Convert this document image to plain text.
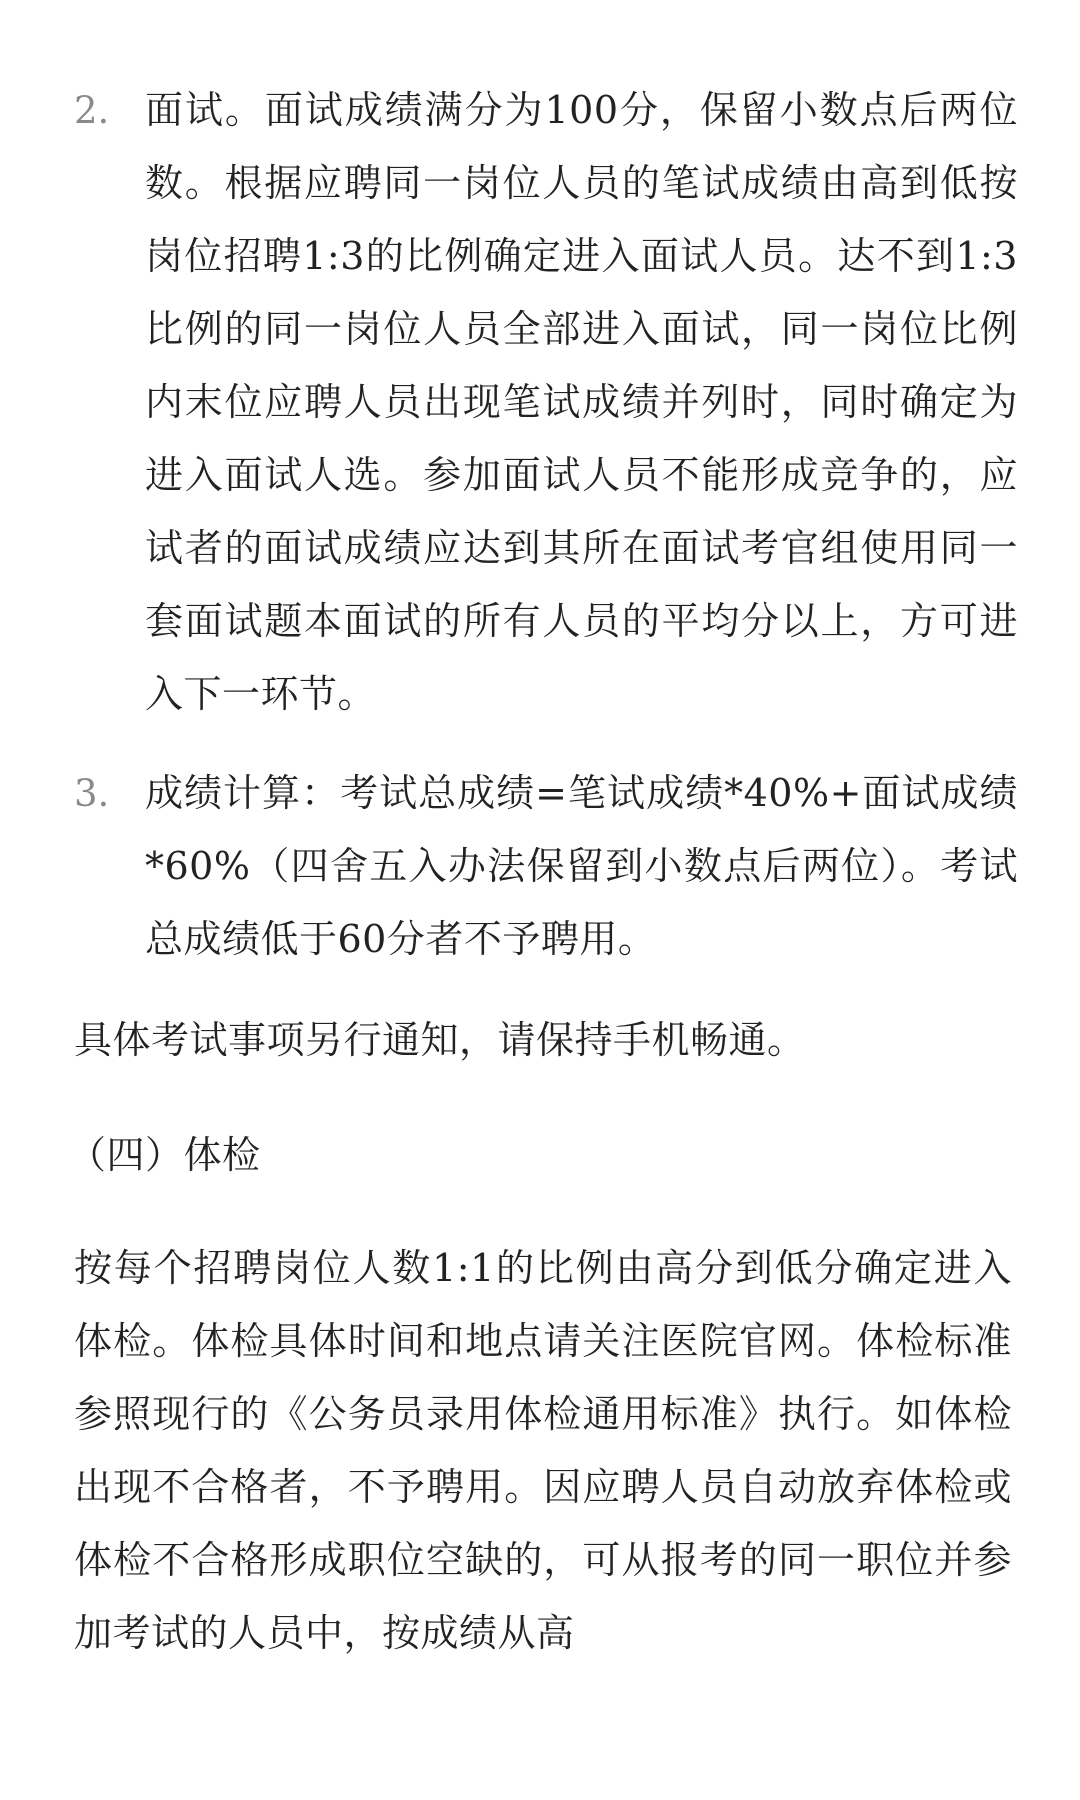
2. 面试。面试成绩满分为100分，保留小数点后两位数。根据应聘同一岗位人员的笔试成绩由高到低按岗位招聘1:3的比例确定进入面试人员。达不到1:3比例的同一岗位人员全部进入面试，同一岗位比例内末位应聘人员出现笔试成绩并列时，同时确定为进入面试人选。参加面试人员不能形成竞争的，应试者的面试成绩应达到其所在面试考官组使用同一套面试题本面试的所有人员的平均分以上，方可进入下一环节。
3. 成绩计算：考试总成绩=笔试成绩*40%+面试成绩*60%（四舍五入办法保留到小数点后两位）。考试总成绩低于60分者不予聘用。

具体考试事项另行通知，请保持手机畅通。

（四）体检

按每个招聘岗位人数1:1的比例由高分到低分确定进入体检。体检具体时间和地点请关注医院官网。体检标准参照现行的《公务员录用体检通用标准》执行。如体检出现不合格者，不予聘用。因应聘人员自动放弃体检或体检不合格形成职位空缺的，可从报考的同一职位并参加考试的人员中，按成绩从高
